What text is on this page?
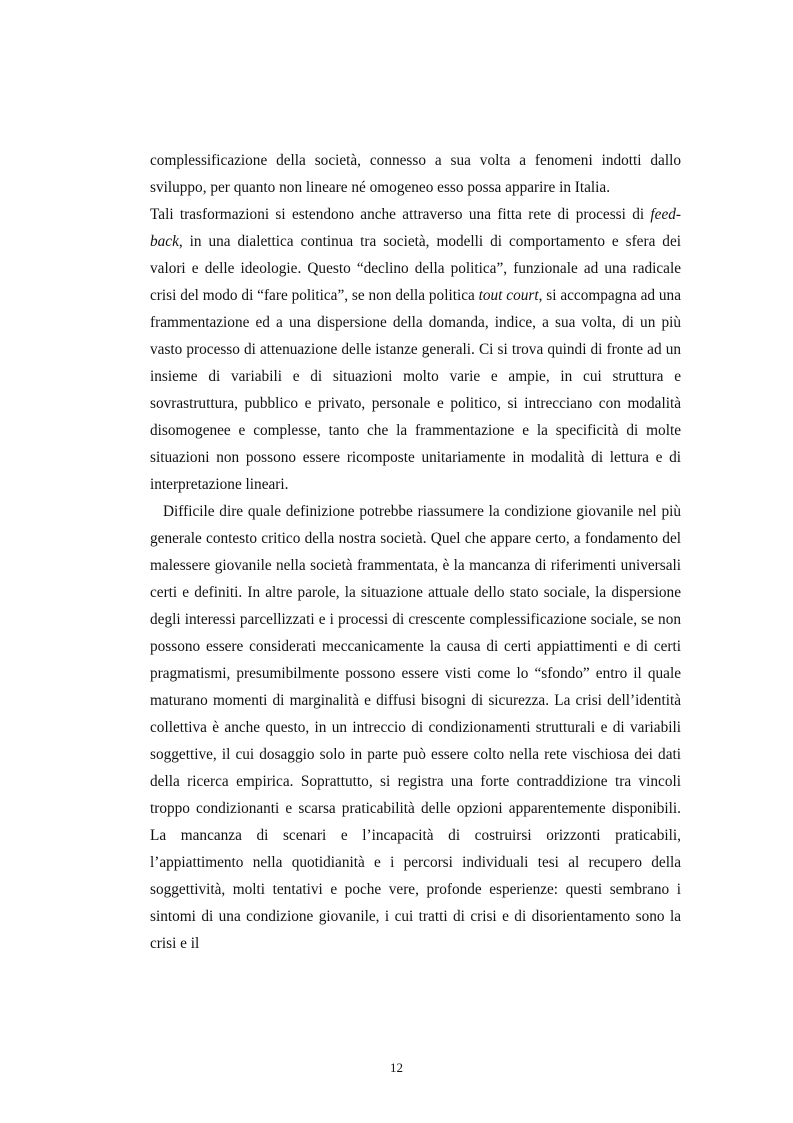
complessificazione della società, connesso a sua volta a fenomeni indotti dallo sviluppo, per quanto non lineare né omogeneo esso possa apparire in Italia.

Tali trasformazioni si estendono anche attraverso una fitta rete di processi di feed-back, in una dialettica continua tra società, modelli di comportamento e sfera dei valori e delle ideologie. Questo “declino della politica”, funzionale ad una radicale crisi del modo di “fare politica”, se non della politica tout court, si accompagna ad una frammentazione ed a una dispersione della domanda, indice, a sua volta, di un più vasto processo di attenuazione delle istanze generali. Ci si trova quindi di fronte ad un insieme di variabili e di situazioni molto varie e ampie, in cui struttura e sovrastruttura, pubblico e privato, personale e politico, si intrecciano con modalità disomogenee e complesse, tanto che la frammentazione e la specificità di molte situazioni non possono essere ricomposte unitariamente in modalità di lettura e di interpretazione lineari.

Difficile dire quale definizione potrebbe riassumere la condizione giovanile nel più generale contesto critico della nostra società. Quel che appare certo, a fondamento del malessere giovanile nella società frammentata, è la mancanza di riferimenti universali certi e definiti. In altre parole, la situazione attuale dello stato sociale, la dispersione degli interessi parcellizzati e i processi di crescente complessificazione sociale, se non possono essere considerati meccanicamente la causa di certi appiattimenti e di certi pragmatismi, presumibilmente possono essere visti come lo “sfondo” entro il quale maturano momenti di marginalità e diffusi bisogni di sicurezza. La crisi dell’identità collettiva è anche questo, in un intreccio di condizionamenti strutturali e di variabili soggettive, il cui dosaggio solo in parte può essere colto nella rete vischiosa dei dati della ricerca empirica. Soprattutto, si registra una forte contraddizione tra vincoli troppo condizionanti e scarsa praticabilità delle opzioni apparentemente disponibili. La mancanza di scenari e l’incapacità di costruirsi orizzonti praticabili, l’appiattimento nella quotidianità e i percorsi individuali tesi al recupero della soggettività, molti tentativi e poche vere, profonde esperienze: questi sembrano i sintomi di una condizione giovanile, i cui tratti di crisi e di disorientamento sono la crisi e il

12
